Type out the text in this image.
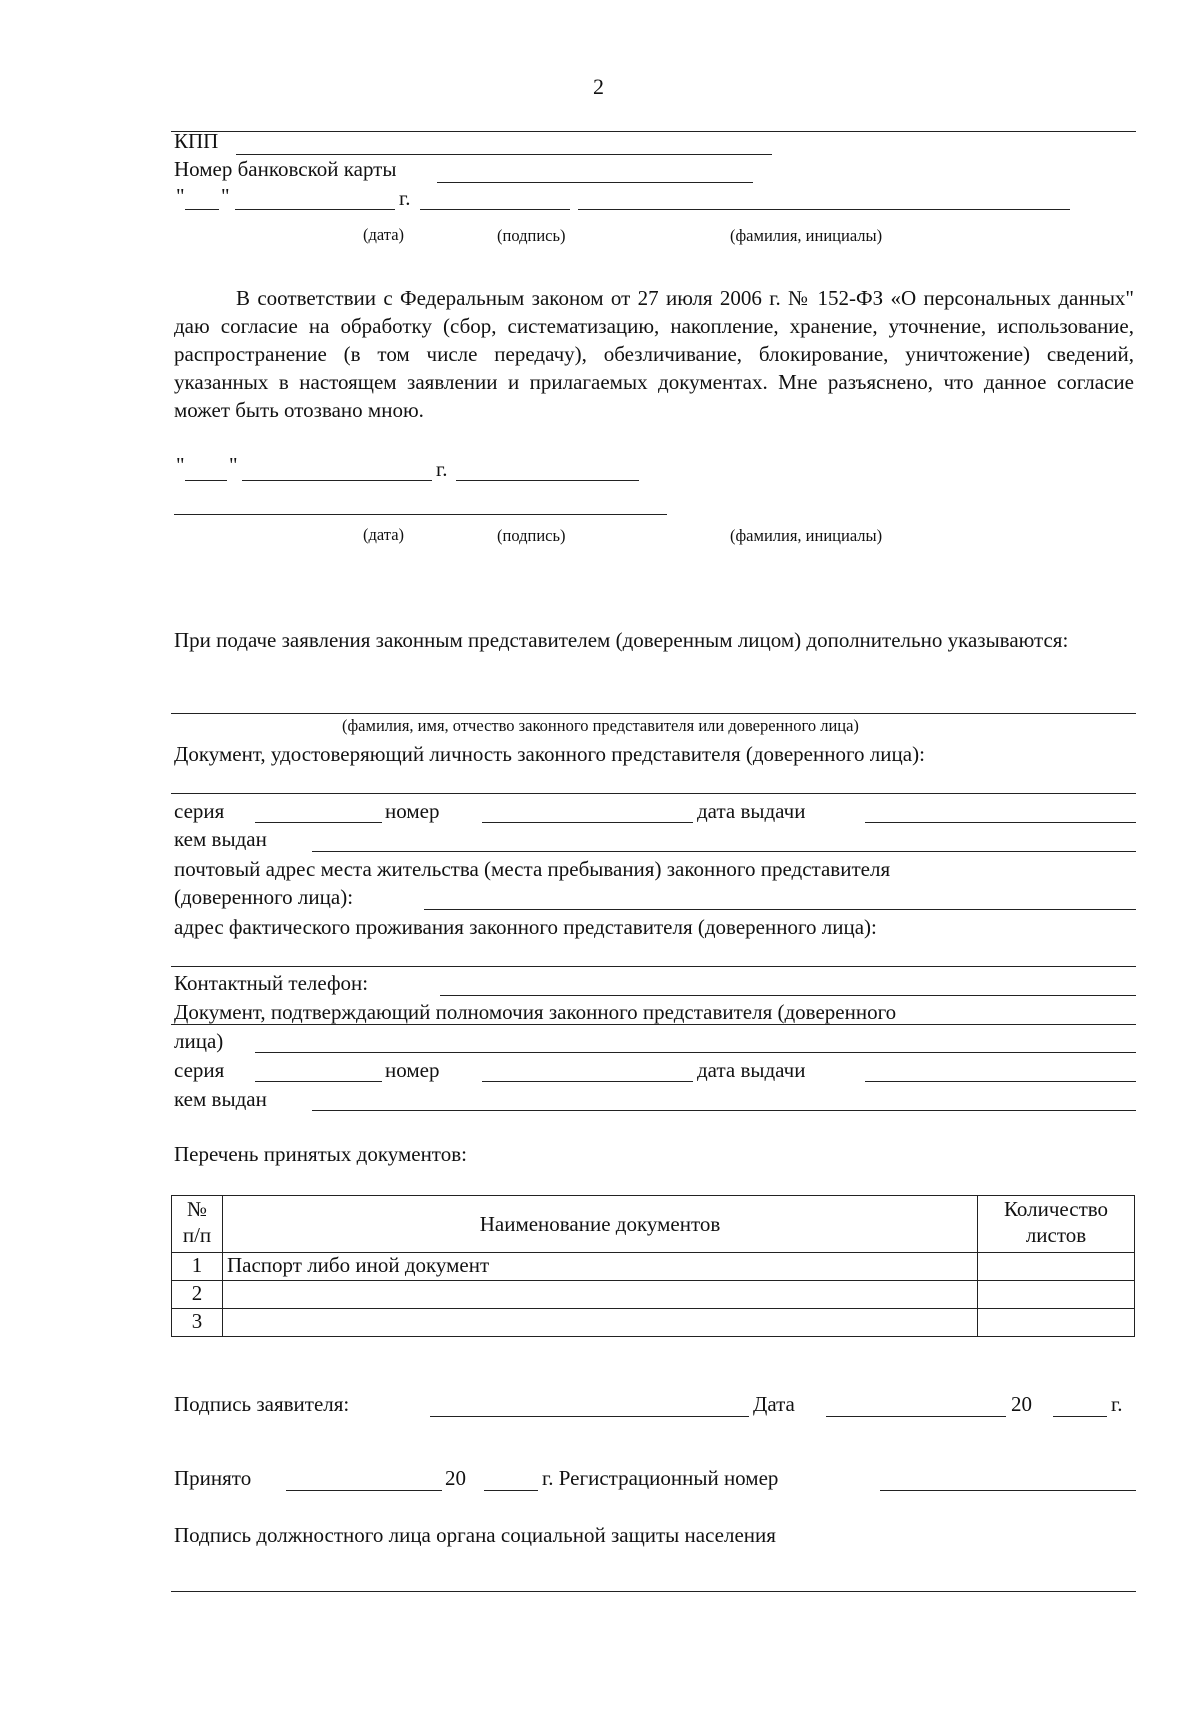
2
КПП
Номер банковской карты
" "	г.
(дата)	(подпись)	(фамилия, инициалы)
В соответствии с Федеральным законом от 27 июля 2006 г. № 152-ФЗ «О персональных данных" даю согласие на обработку (сбор, систематизацию, накопление, хранение, уточнение, использование, распространение (в том числе передачу), обезличивание, блокирование, уничтожение) сведений, указанных в настоящем заявлении и прилагаемых документах. Мне разъяснено, что данное согласие может быть отозвано мною.
" "	г.
(дата)	(подпись)	(фамилия, инициалы)
При подаче заявления законным представителем (доверенным лицом) дополнительно указываются:
(фамилия, имя, отчество законного представителя или доверенного лица)
Документ, удостоверяющий личность законного представителя (доверенного лица):
серия	номер	дата выдачи
кем выдан
почтовый адрес места жительства (места пребывания) законного представителя
(доверенного лица):
адрес фактического проживания законного представителя (доверенного лица):
Контактный телефон:
Документ, подтверждающий полномочия законного представителя (доверенного
лица)
серия	номер	дата выдачи
кем выдан
Перечень принятых документов:
№ п/п	Наименование документов	Количество листов
1	Паспорт либо иной документ	
2		
3		
Подпись заявителя:	Дата	20	г.
Принято	20	г. Регистрационный номер
Подпись должностного лица органа социальной защиты населения
